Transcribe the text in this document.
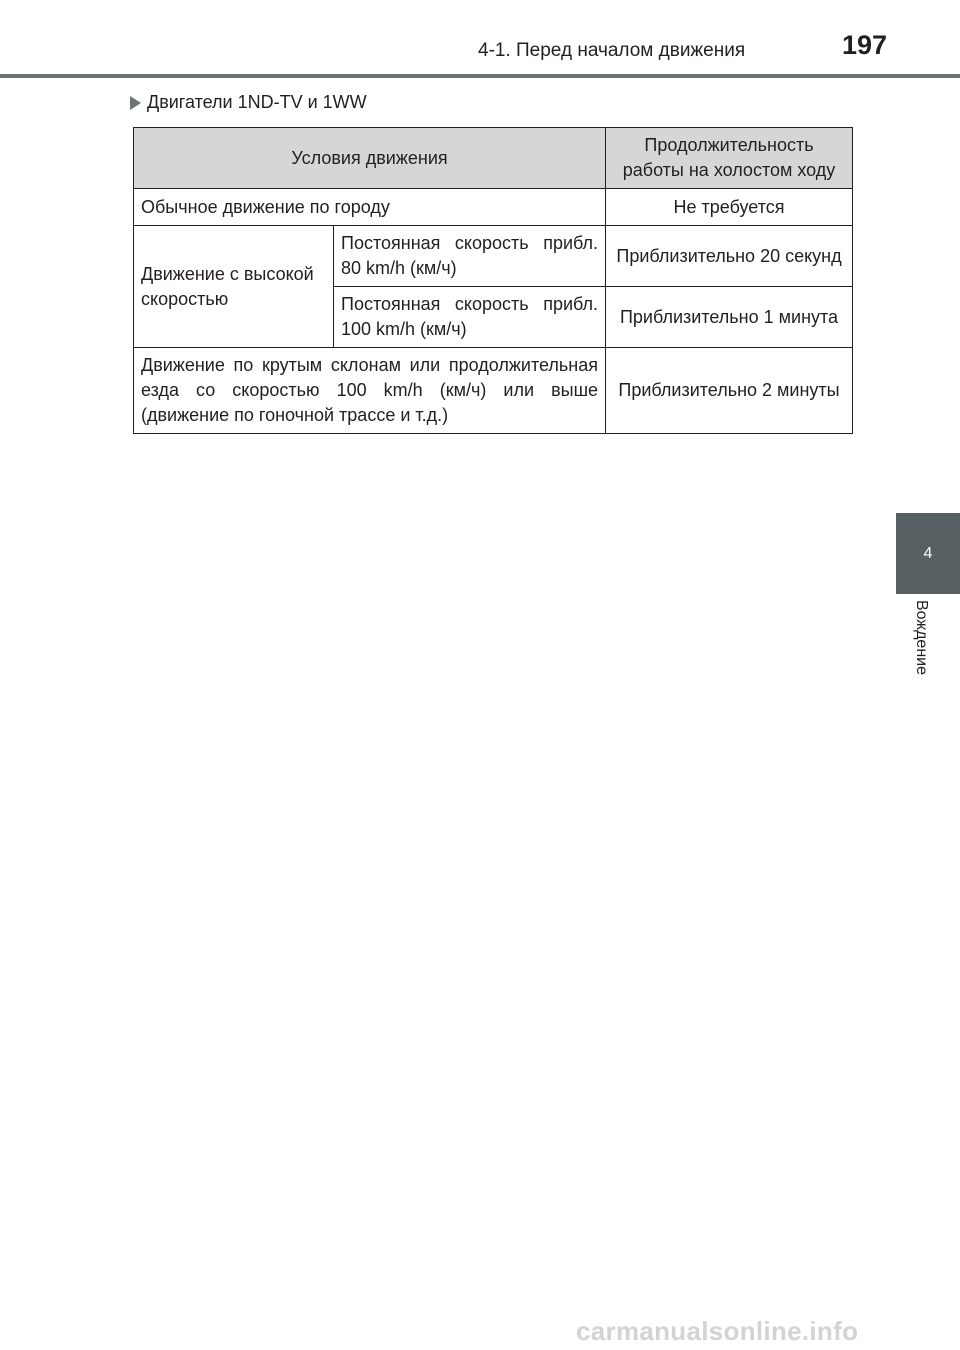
4-1. Перед началом движения	197
Двигатели 1ND-TV и 1WW
Условия движения		Продолжительность работы на холостом ходу
Обычное движение по городу		Не требуется
Движение с высокой скоростью	Постоянная скорость прибл. 80 km/h (км/ч)	Приблизительно 20 секунд
	Постоянная скорость прибл. 100 km/h (км/ч)	Приблизительно 1 минута
Движение по крутым склонам или продолжительная езда со скоростью 100 km/h (км/ч) или выше (движение по гоночной трассе и т.д.)		Приблизительно 2 минуты
4
Вождение
carmanualsonline.info
